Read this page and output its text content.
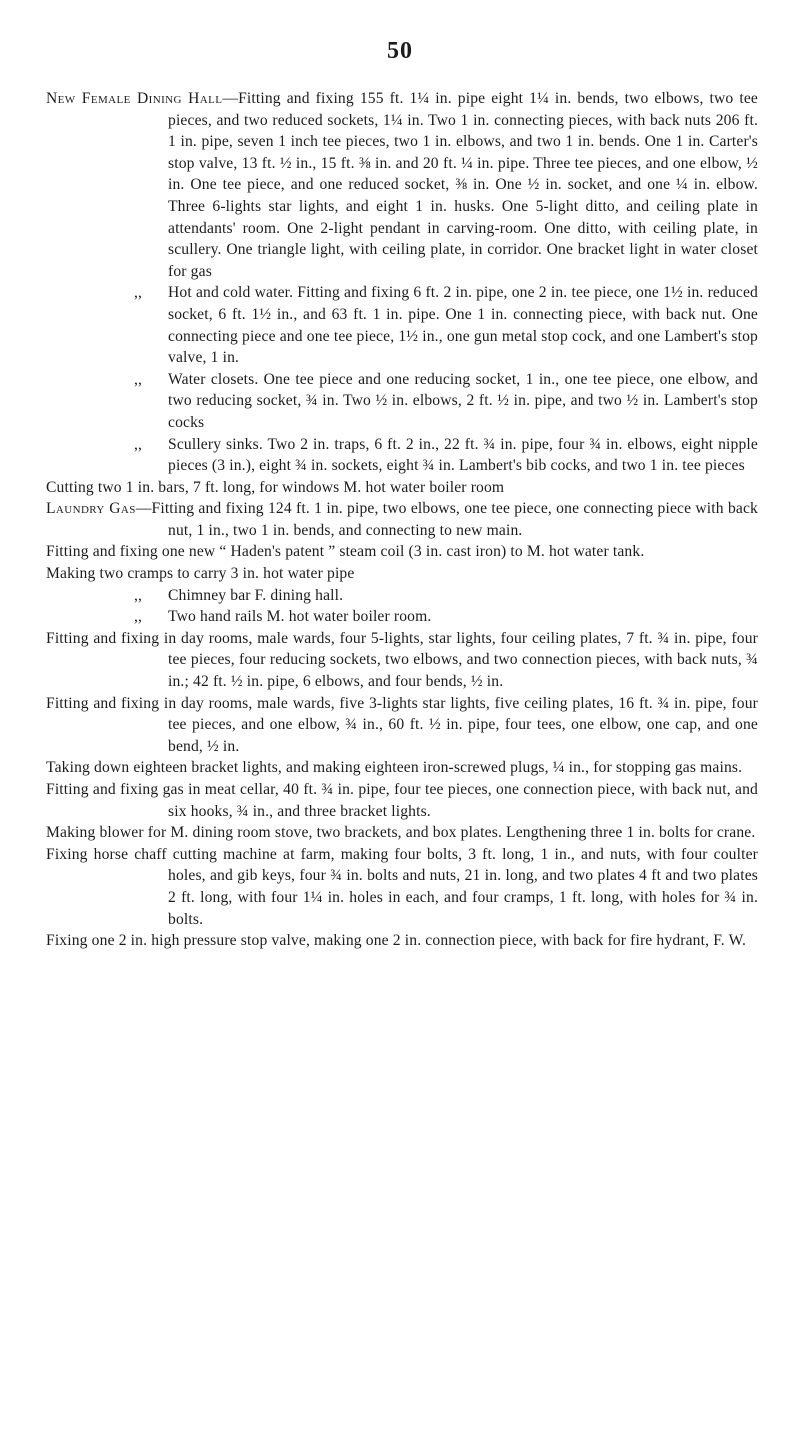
50

New Female Dining Hall—Fitting and fixing 155 ft. 1¼ in. pipe eight 1¼ in. bends, two elbows, two tee pieces, and two reduced sockets, 1¼ in. Two 1 in. connecting pieces, with back nuts 206 ft. 1 in. pipe, seven 1 inch tee pieces, two 1 in. elbows, and two 1 in. bends. One 1 in. Carter's stop valve, 13 ft. ½ in., 15 ft. ⅜ in. and 20 ft. ¼ in. pipe. Three tee pieces, and one elbow, ½ in. One tee piece, and one reduced socket, ⅜ in. One ½ in. socket, and one ¼ in. elbow. Three 6-lights star lights, and eight 1 in. husks. One 5-light ditto, and ceiling plate in attendants' room. One 2-light pendant in carving-room. One ditto, with ceiling plate, in scullery. One triangle light, with ceiling plate, in corridor. One bracket light in water closet for gas

,,	Hot and cold water. Fitting and fixing 6 ft. 2 in. pipe, one 2 in. tee piece, one 1½ in. reduced socket, 6 ft. 1½ in., and 63 ft. 1 in. pipe. One 1 in. connecting piece, with back nut. One connecting piece and one tee piece, 1½ in., one gun metal stop cock, and one Lambert's stop valve, 1 in.

,,	Water closets. One tee piece and one reducing socket, 1 in., one tee piece, one elbow, and two reducing socket, ¾ in. Two ½ in. elbows, 2 ft. ½ in. pipe, and two ½ in. Lambert's stop cocks

,,	Scullery sinks. Two 2 in. traps, 6 ft. 2 in., 22 ft. ¾ in. pipe, four ¾ in. elbows, eight nipple pieces (3 in.), eight ¾ in. sockets, eight ¾ in. Lambert's bib cocks, and two 1 in. tee pieces

Cutting two 1 in. bars, 7 ft. long, for windows M. hot water boiler room

Laundry Gas—Fitting and fixing 124 ft. 1 in. pipe, two elbows, one tee piece, one connecting piece with back nut, 1 in., two 1 in. bends, and connecting to new main.

Fitting and fixing one new “ Haden's patent ” steam coil (3 in. cast iron) to M. hot water tank.

Making two cramps to carry 3 in. hot water pipe

,,	Chimney bar F. dining hall.

,,	Two hand rails M. hot water boiler room.

Fitting and fixing in day rooms, male wards, four 5-lights, star lights, four ceiling plates, 7 ft. ¾ in. pipe, four tee pieces, four reducing sockets, two elbows, and two connection pieces, with back nuts, ¾ in.; 42 ft. ½ in. pipe, 6 elbows, and four bends, ½ in.

Fitting and fixing in day rooms, male wards, five 3-lights star lights, five ceiling plates, 16 ft. ¾ in. pipe, four tee pieces, and one elbow, ¾ in., 60 ft. ½ in. pipe, four tees, one elbow, one cap, and one bend, ½ in.

Taking down eighteen bracket lights, and making eighteen iron-screwed plugs, ¼ in., for stopping gas mains.

Fitting and fixing gas in meat cellar, 40 ft. ¾ in. pipe, four tee pieces, one connection piece, with back nut, and six hooks, ¾ in., and three bracket lights.

Making blower for M. dining room stove, two brackets, and box plates. Lengthening three 1 in. bolts for crane.

Fixing horse chaff cutting machine at farm, making four bolts, 3 ft. long, 1 in., and nuts, with four coulter holes, and gib keys, four ¾ in. bolts and nuts, 21 in. long, and two plates 4 ft and two plates 2 ft. long, with four 1¼ in. holes in each, and four cramps, 1 ft. long, with holes for ¾ in. bolts.

Fixing one 2 in. high pressure stop valve, making one 2 in. connection piece, with back for fire hydrant, F. W.
